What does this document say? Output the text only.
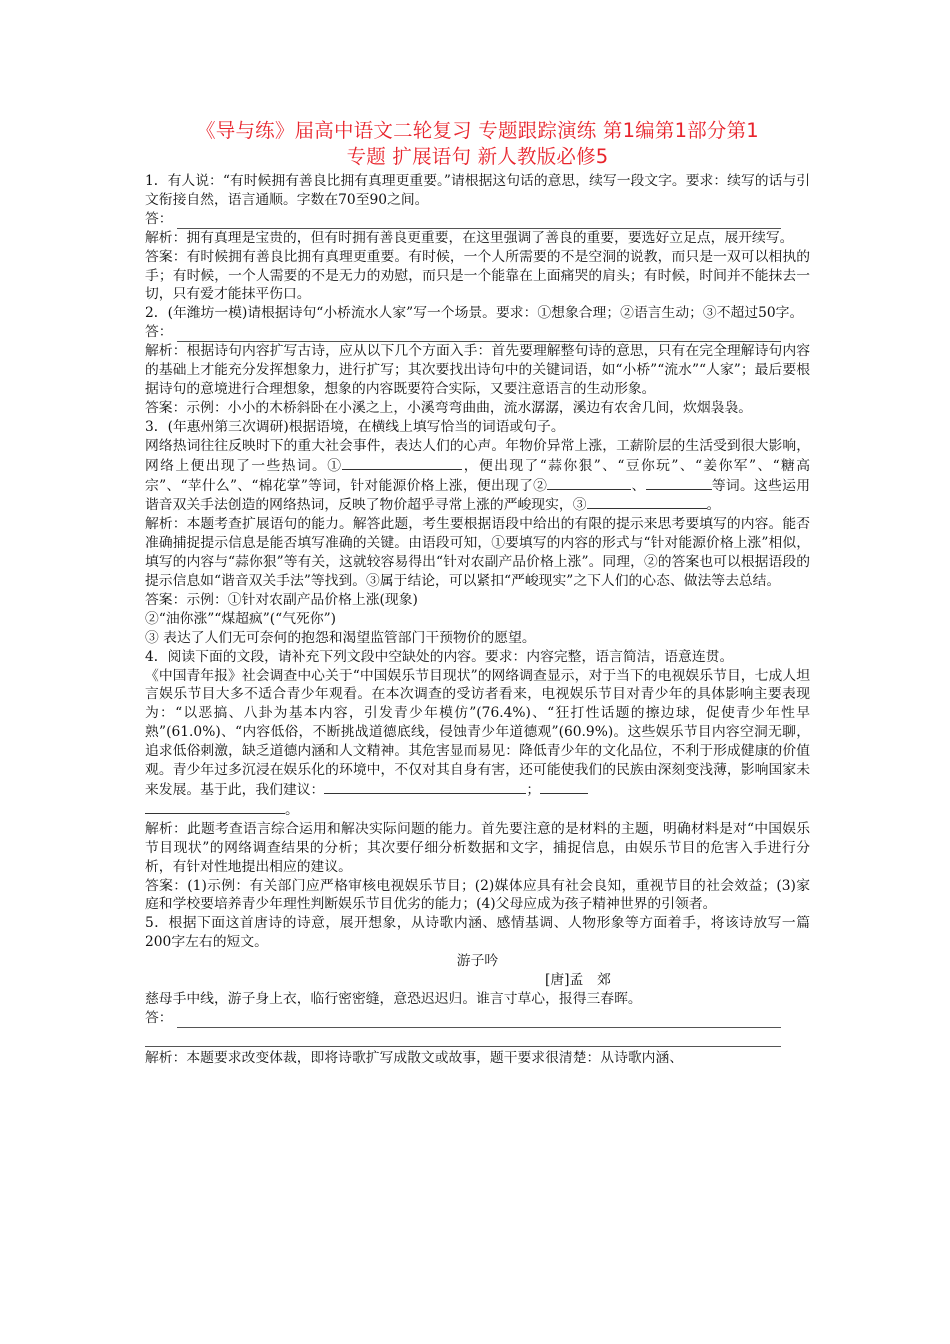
《导与练》届高中语文二轮复习 专题跟踪演练 第1编第1部分第1
专题 扩展语句 新人教版必修5

1．有人说：“有时候拥有善良比拥有真理更重要。”请根据这句话的意思，续写一段文字。要求：续写的话与引文衔接自然，语言通顺。字数在70至90之间。

答：

解析：拥有真理是宝贵的，但有时拥有善良更重要，在这里强调了善良的重要，要选好立足点，展开续写。

答案：有时候拥有善良比拥有真理更重要。有时候，一个人所需要的不是空洞的说教，而只是一双可以相执的手；有时候，一个人需要的不是无力的劝慰，而只是一个能靠在上面痛哭的肩头；有时候，时间并不能抹去一切，只有爱才能抹平伤口。

2．(年潍坊一模)请根据诗句“小桥流水人家”写一个场景。要求：①想象合理；②语言生动；③不超过50字。

答：

解析：根据诗句内容扩写古诗，应从以下几个方面入手：首先要理解整句诗的意思，只有在完全理解诗句内容的基础上才能充分发挥想象力，进行扩写；其次要找出诗句中的关键词语，如“小桥”“流水”“人家”；最后要根据诗句的意境进行合理想象，想象的内容既要符合实际，又要注意语言的生动形象。

答案：示例：小小的木桥斜卧在小溪之上，小溪弯弯曲曲，流水潺潺，溪边有农舍几间，炊烟袅袅。

3．(年惠州第三次调研)根据语境，在横线上填写恰当的词语或句子。

网络热词往往反映时下的重大社会事件，表达人们的心声。年物价异常上涨，工薪阶层的生活受到很大影响，网络上便出现了一些热词。①	，便出现了“蒜你狠”、“豆你玩”、“姜你军”、“糖高宗”、“苹什么”、“棉花掌”等词，针对能源价格上涨，便出现了②	、	等词。这些运用谐音双关手法创造的网络热词，反映了物价超乎寻常上涨的严峻现实，③	。

解析：本题考查扩展语句的能力。解答此题，考生要根据语段中给出的有限的提示来思考要填写的内容。能否准确捕捉提示信息是能否填写准确的关键。由语段可知，①要填写的内容的形式与“针对能源价格上涨”相似，填写的内容与“蒜你狠”等有关，这就较容易得出“针对农副产品价格上涨”。同理，②的答案也可以根据语段的提示信息如“谐音双关手法”等找到。③属于结论，可以紧扣“严峻现实”之下人们的心态、做法等去总结。

答案：示例：①针对农副产品价格上涨(现象)

②“油你涨”“煤超疯”(“气死你”)

③ 表达了人们无可奈何的抱怨和渴望监管部门干预物价的愿望。

4．阅读下面的文段，请补充下列文段中空缺处的内容。要求：内容完整，语言简洁，语意连贯。

《中国青年报》社会调查中心关于“中国娱乐节目现状”的网络调查显示，对于当下的电视娱乐节目，七成人坦言娱乐节目大多不适合青少年观看。在本次调查的受访者看来，电视娱乐节目对青少年的具体影响主要表现为：“以恶搞、八卦为基本内容，引发青少年模仿”(76.4%)、“狂打性话题的擦边球，促使青少年性早熟”(61.0%)、“内容低俗，不断挑战道德底线，侵蚀青少年道德观”(60.9%)。这些娱乐节目内容空洞无聊，追求低俗刺激，缺乏道德内涵和人文精神。其危害显而易见：降低青少年的文化品位，不利于形成健康的价值观。青少年过多沉浸在娱乐化的环境中，不仅对其自身有害，还可能使我们的民族由深刻变浅薄，影响国家未来发展。基于此，我们建议：	；
。

解析：此题考查语言综合运用和解决实际问题的能力。首先要注意的是材料的主题，明确材料是对“中国娱乐节目现状”的网络调查结果的分析；其次要仔细分析数据和文字，捕捉信息，由娱乐节目的危害入手进行分析，有针对性地提出相应的建议。

答案：(1)示例：有关部门应严格审核电视娱乐节目；(2)媒体应具有社会良知，重视节目的社会效益；(3)家庭和学校要培养青少年理性判断娱乐节目优劣的能力；(4)父母应成为孩子精神世界的引领者。

5．根据下面这首唐诗的诗意，展开想象，从诗歌内涵、感情基调、人物形象等方面着手，将该诗放写一篇200字左右的短文。

游子吟

[唐]孟　郊

慈母手中线，游子身上衣，临行密密缝，意恐迟迟归。谁言寸草心，报得三春晖。

答：

解析：本题要求改变体裁，即将诗歌扩写成散文或故事，题干要求很清楚：从诗歌内涵、
